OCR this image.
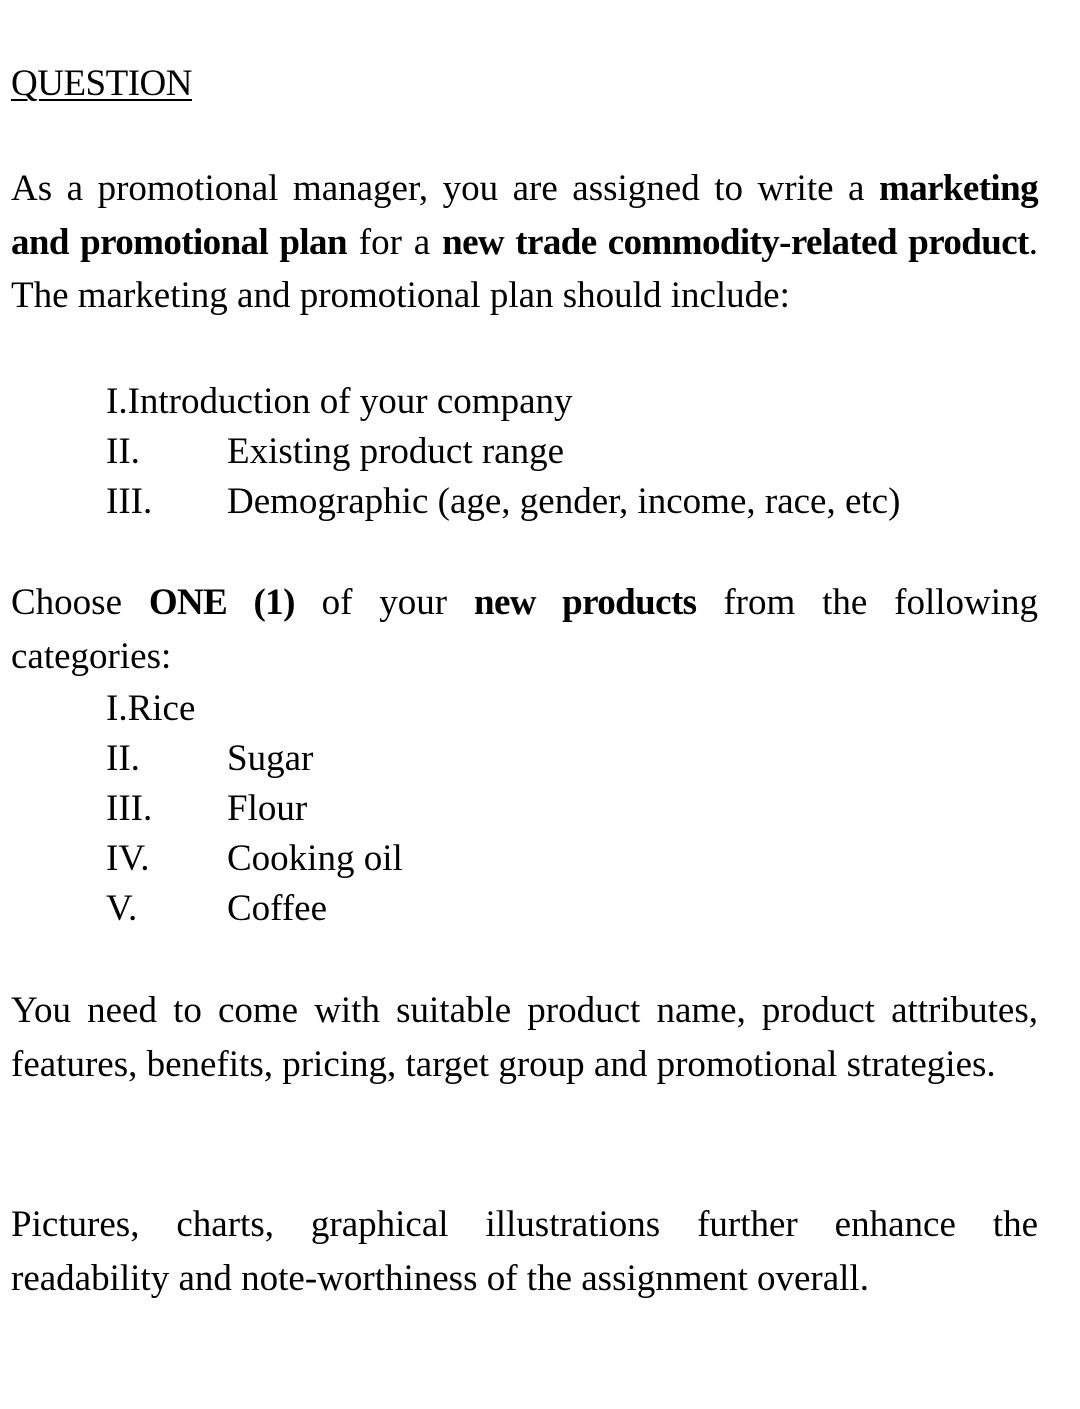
QUESTION

As a promotional manager, you are assigned to write a marketing and promotional plan for a new trade commodity-related product. The marketing and promotional plan should include:

I.Introduction of your company
II. Existing product range
III. Demographic (age, gender, income, race, etc)

Choose ONE (1) of your new products from the following categories:

I.Rice
II. Sugar
III. Flour
IV. Cooking oil
V. Coffee

You need to come with suitable product name, product attributes, features, benefits, pricing, target group and promotional strategies.

Pictures, charts, graphical illustrations further enhance the readability and note-worthiness of the assignment overall.
